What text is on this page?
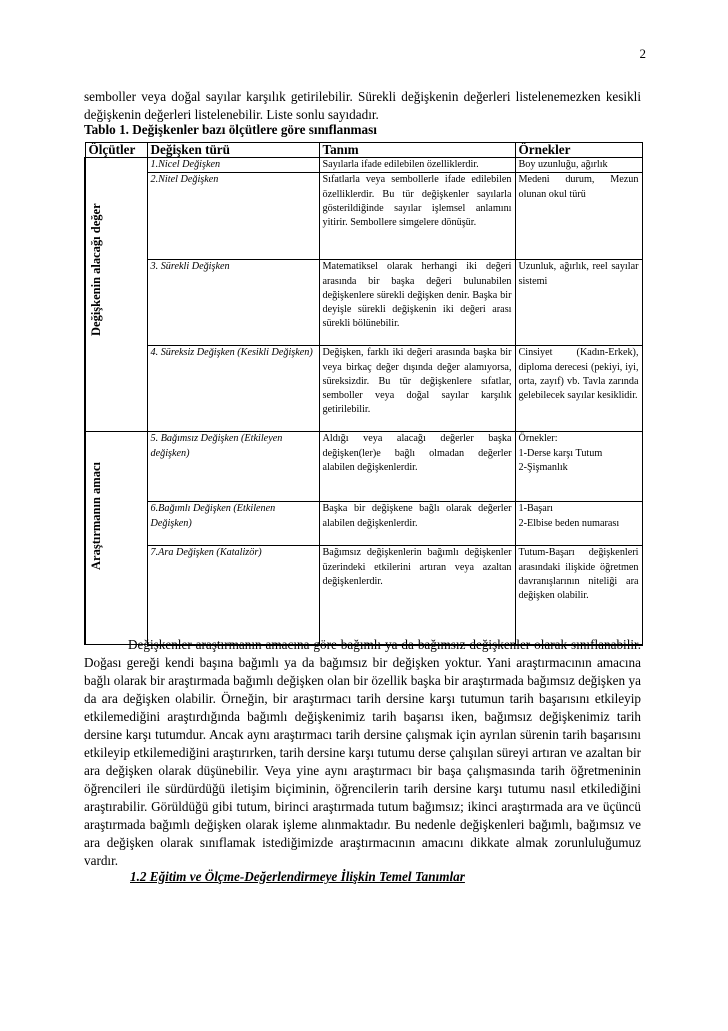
2

semboller veya doğal sayılar karşılık getirilebilir. Sürekli değişkenin değerleri listelenemezken kesikli değişkenin değerleri listelenebilir. Liste sonlu sayıdadır.

Tablo 1. Değişkenler bazı ölçütlere göre sınıflanması
Ölçütler	Değişken türü	Tanım	Örnekler

Değişkenin alacağı değer	1.Nicel Değişken	Sayılarla ifade edilebilen özelliklerdir.	Boy uzunluğu, ağırlık
	2.Nitel Değişken	Sıfatlarla veya sembollerle ifade edilebilen özelliklerdir. Bu tür değişkenler sayılarla gösterildiğinde sayılar işlemsel anlamını yitirir. Sembollere simgelere dönüşür.	Medeni durum, Mezun olunan okul türü
	3. Sürekli Değişken	Matematiksel olarak herhangi iki değeri arasında bir başka değeri bulunabilen değişkenlere sürekli değişken denir. Başka bir deyişle sürekli değişkenin iki değeri arası sürekli bölünebilir.	Uzunluk, ağırlık, reel sayılar sistemi
	4. Süreksiz Değişken (Kesikli Değişken)	Değişken, farklı iki değeri arasında başka bir veya birkaç değer dışında değer alamıyorsa, süreksizdir. Bu tür değişkenlere sıfatlar, semboller veya doğal sayılar karşılık getirilebilir.	Cinsiyet (Kadın-Erkek), diploma derecesi (pekiyi, iyi, orta, zayıf) vb. Tavla zarında gelebilecek sayılar kesiklidir.

Araştırmanın amacı	5. Bağımsız Değişken (Etkileyen değişken)	Aldığı veya alacağı değerler başka değişken(ler)e bağlı olmadan değerler alabilen değişkenlerdir.	Örnekler:
1-Derse karşı Tutum
2-Şişmanlık
	6.Bağımlı Değişken (Etkilenen Değişken)	Başka bir değişkene bağlı olarak değerler alabilen değişkenlerdir.	1-Başarı
2-Elbise beden numarası
	7.Ara Değişken (Katalizör)	Bağımsız değişkenlerin bağımlı değişkenler üzerindeki etkilerini artıran veya azaltan değişkenlerdir.	Tutum-Başarı değişkenleri arasındaki ilişkide öğretmen davranışlarının niteliği ara değişken olabilir.

Değişkenler araştırmanın amacına göre bağımlı ya da bağımsız değişkenler olarak sınıflanabilir. Doğası gereği kendi başına bağımlı ya da bağımsız bir değişken yoktur. Yani araştırmacının amacına bağlı olarak bir araştırmada bağımlı değişken olan bir özellik başka bir araştırmada bağımsız değişken ya da ara değişken olabilir. Örneğin, bir araştırmacı tarih dersine karşı tutumun tarih başarısını etkileyip etkilemediğini araştırdığında bağımlı değişkenimiz tarih başarısı iken, bağımsız değişkenimiz tarih dersine karşı tutumdur. Ancak aynı araştırmacı tarih dersine çalışmak için ayrılan sürenin tarih başarısını etkileyip etkilemediğini araştırırken, tarih dersine karşı tutumu derse çalışılan süreyi artıran ve azaltan bir ara değişken olarak düşünebilir. Veya yine aynı araştırmacı bir başa çalışmasında tarih öğretmeninin öğrencileri ile sürdürdüğü iletişim biçiminin, öğrencilerin tarih dersine karşı tutumu nasıl etkilediğini araştırabilir. Görüldüğü gibi tutum, birinci araştırmada tutum bağımsız; ikinci araştırmada ara ve üçüncü araştırmada bağımlı değişken olarak işleme alınmaktadır. Bu nedenle değişkenleri bağımlı, bağımsız ve ara değişken olarak sınıflamak istediğimizde araştırmacının amacını dikkate almak zorunluluğumuz vardır.

1.2 Eğitim ve Ölçme-Değerlendirmeye İlişkin Temel Tanımlar
